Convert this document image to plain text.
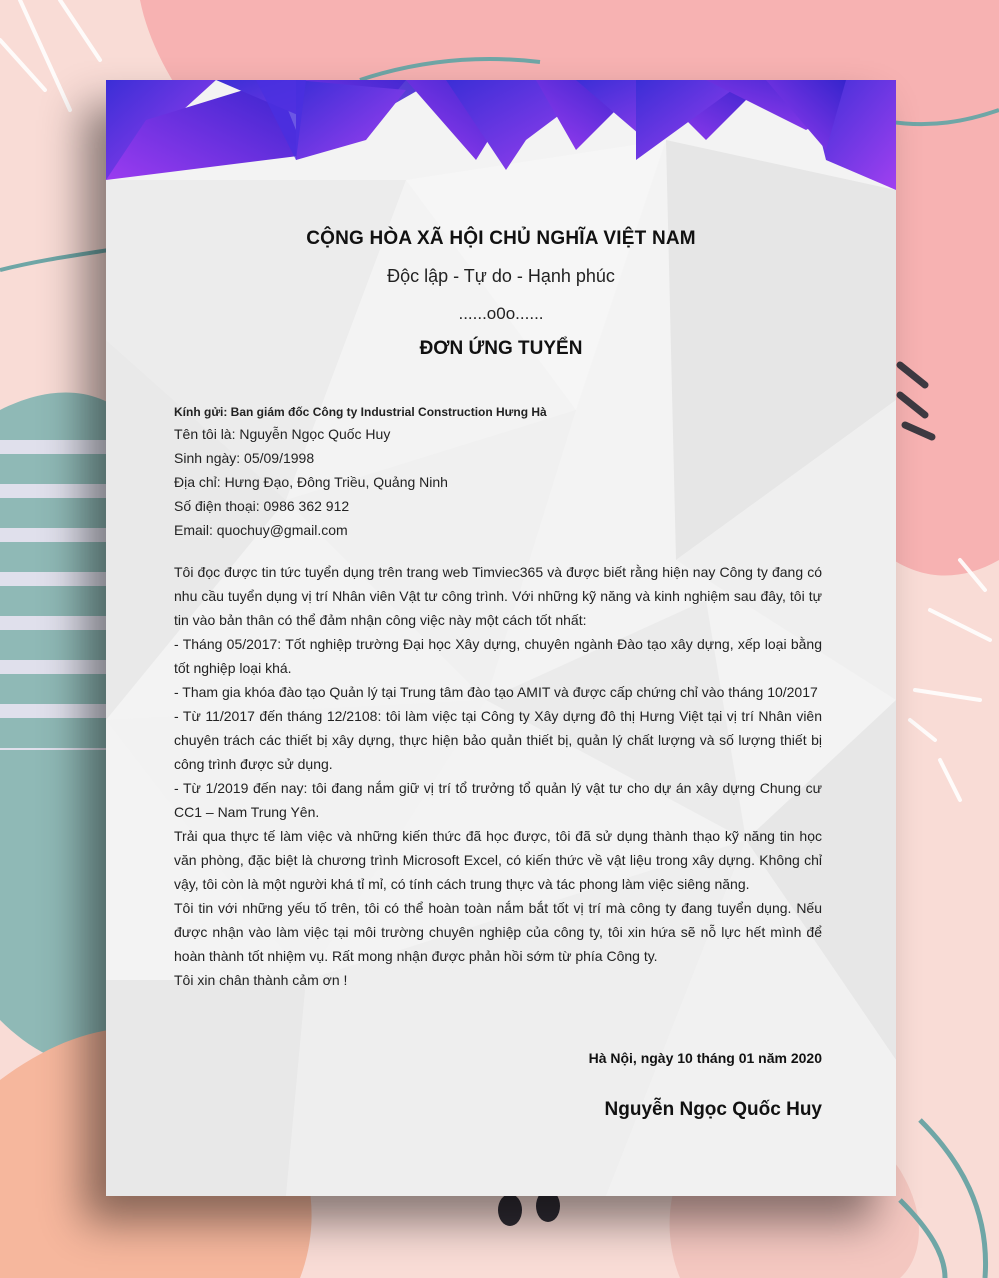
CỘNG HÒA XÃ HỘI CHỦ NGHĨA VIỆT NAM
Độc lập - Tự do - Hạnh phúc
......o0o......
ĐƠN ỨNG TUYỂN
Kính gửi: Ban giám đốc Công ty Industrial Construction Hưng Hà
Tên tôi là: Nguyễn Ngọc Quốc Huy
Sinh ngày: 05/09/1998
Địa chỉ: Hưng Đạo, Đông Triều, Quảng Ninh
Số điện thoại: 0986 362 912
Email: quochuy@gmail.com

Tôi đọc được tin tức tuyển dụng trên trang web Timviec365 và được biết rằng hiện nay Công ty đang có nhu cầu tuyển dụng vị trí Nhân viên Vật tư công trình. Với những kỹ năng và kinh nghiệm sau đây, tôi tự tin vào bản thân có thể đảm nhận công việc này một cách tốt nhất:

- Tháng 05/2017: Tốt nghiệp trường Đại học Xây dựng, chuyên ngành Đào tạo xây dựng, xếp loại bằng tốt nghiệp loại khá.

- Tham gia khóa đào tạo Quản lý tại Trung tâm đào tạo AMIT và được cấp chứng chỉ vào tháng 10/2017

- Từ 11/2017 đến tháng 12/2108: tôi làm việc tại Công ty Xây dựng đô thị Hưng Việt tại vị trí Nhân viên chuyên trách các thiết bị xây dựng, thực hiện bảo quản thiết bị, quản lý chất lượng và số lượng thiết bị công trình được sử dụng.

- Từ 1/2019 đến nay: tôi đang nắm giữ vị trí tổ trưởng tổ quản lý vật tư cho dự án xây dựng Chung cư CC1 – Nam Trung Yên.

Trải qua thực tế làm việc và những kiến thức đã học được, tôi đã sử dụng thành thạo kỹ năng tin học văn phòng, đặc biệt là chương trình Microsoft Excel, có kiến thức về vật liệu trong xây dựng. Không chỉ vậy, tôi còn là một người khá tỉ mỉ, có tính cách trung thực và tác phong làm việc siêng năng.

Tôi tin với những yếu tố trên, tôi có thể hoàn toàn nắm bắt tốt vị trí mà công ty đang tuyển dụng. Nếu được nhận vào làm việc tại môi trường chuyên nghiệp của công ty, tôi xin hứa sẽ nỗ lực hết mình để hoàn thành tốt nhiệm vụ. Rất mong nhận được phản hồi sớm từ phía Công ty.

Tôi xin chân thành cảm ơn !

Hà Nội, ngày 10 tháng 01 năm 2020
Nguyễn Ngọc Quốc Huy
